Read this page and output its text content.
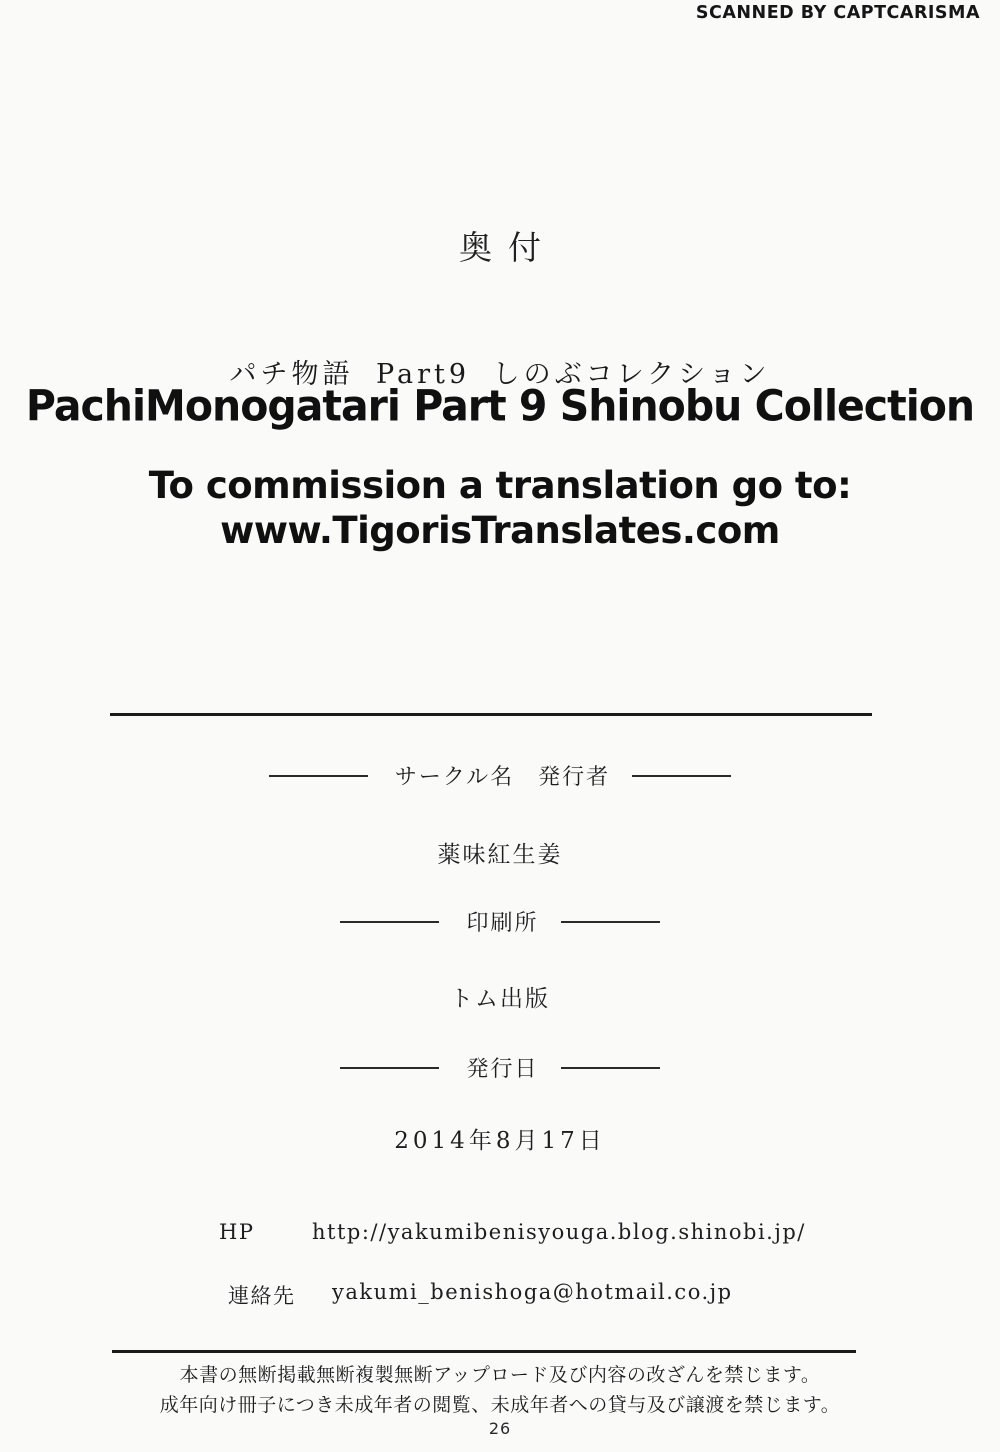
SCANNED BY CAPTCARISMA
奥付
パチ物語 Part9 しのぶコレクション
PachiMonogatari Part 9 Shinobu Collection
To commission a translation go to:
www.TigorisTranslates.com
サークル名　発行者
薬味紅生姜
印刷所
トム出版
発行日
2014年8月17日
HP	http://yakumibenisyouga.blog.shinobi.jp/
連絡先 yakumi_benishoga@hotmail.co.jp
本書の無断掲載無断複製無断アップロード及び内容の改ざんを禁じます。
成年向け冊子につき未成年者の閲覧、未成年者への貸与及び譲渡を禁じます。
26
